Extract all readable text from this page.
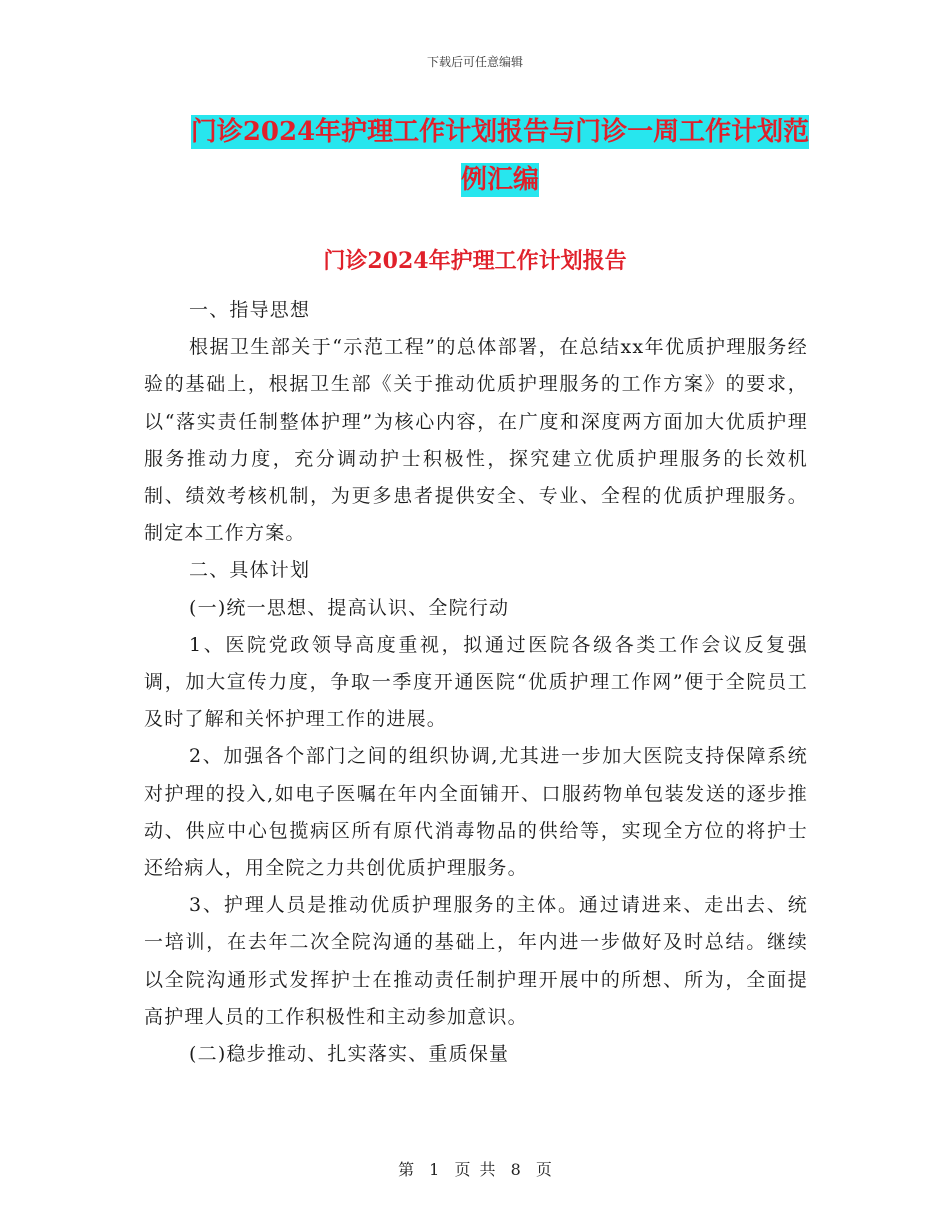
下载后可任意编辑
门诊2024年护理工作计划报告与门诊一周工作计划范例汇编
门诊2024年护理工作计划报告

一、指导思想

根据卫生部关于“示范工程”的总体部署，在总结xx年优质护理服务经验的基础上，根据卫生部《关于推动优质护理服务的工作方案》的要求，以“落实责任制整体护理”为核心内容，在广度和深度两方面加大优质护理服务推动力度，充分调动护士积极性，探究建立优质护理服务的长效机制、绩效考核机制，为更多患者提供安全、专业、全程的优质护理服务。制定本工作方案。

二、具体计划

(一)统一思想、提高认识、全院行动

1、医院党政领导高度重视，拟通过医院各级各类工作会议反复强调，加大宣传力度，争取一季度开通医院“优质护理工作网”便于全院员工及时了解和关怀护理工作的进展。

2、加强各个部门之间的组织协调,尤其进一步加大医院支持保障系统对护理的投入,如电子医嘱在年内全面铺开、口服药物单包装发送的逐步推动、供应中心包揽病区所有原代消毒物品的供给等，实现全方位的将护士还给病人，用全院之力共创优质护理服务。

3、护理人员是推动优质护理服务的主体。通过请进来、走出去、统一培训，在去年二次全院沟通的基础上，年内进一步做好及时总结。继续以全院沟通形式发挥护士在推动责任制护理开展中的所想、所为，全面提高护理人员的工作积极性和主动参加意识。

(二)稳步推动、扎实落实、重质保量

第 1 页 共 8 页
